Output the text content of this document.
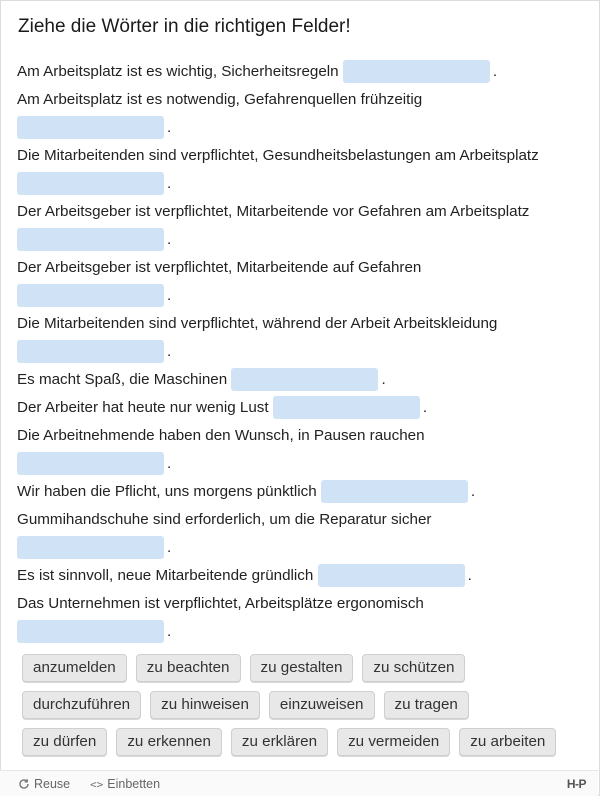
Ziehe die Wörter in die richtigen Felder!
Am Arbeitsplatz ist es wichtig, Sicherheitsregeln	.
Am Arbeitsplatz ist es notwendig, Gefahrenquellen frühzeitig
.
Die Mitarbeitenden sind verpflichtet, Gesundheitsbelastungen am Arbeitsplatz
.
Der Arbeitsgeber ist verpflichtet, Mitarbeitende vor Gefahren am Arbeitsplatz
.
Der Arbeitsgeber ist verpflichtet, Mitarbeitende auf Gefahren
.
Die Mitarbeitenden sind verpflichtet, während der Arbeit Arbeitskleidung
.
Es macht Spaß, die Maschinen	.
Der Arbeiter hat heute nur wenig Lust	.
Die Arbeitnehmende haben den Wunsch, in Pausen rauchen
.
Wir haben die Pflicht, uns morgens pünktlich	.
Gummihandschuhe sind erforderlich, um die Reparatur sicher
.
Es ist sinnvoll, neue Mitarbeitende gründlich	.
Das Unternehmen ist verpflichtet, Arbeitsplätze ergonomisch
.
anzumelden	zu beachten	zu gestalten	zu schützen
durchzuführen	zu hinweisen	einzuweisen	zu tragen
zu dürfen	zu erkennen	zu erklären	zu vermeiden	zu arbeiten
Reuse <> Einbetten	H-P
